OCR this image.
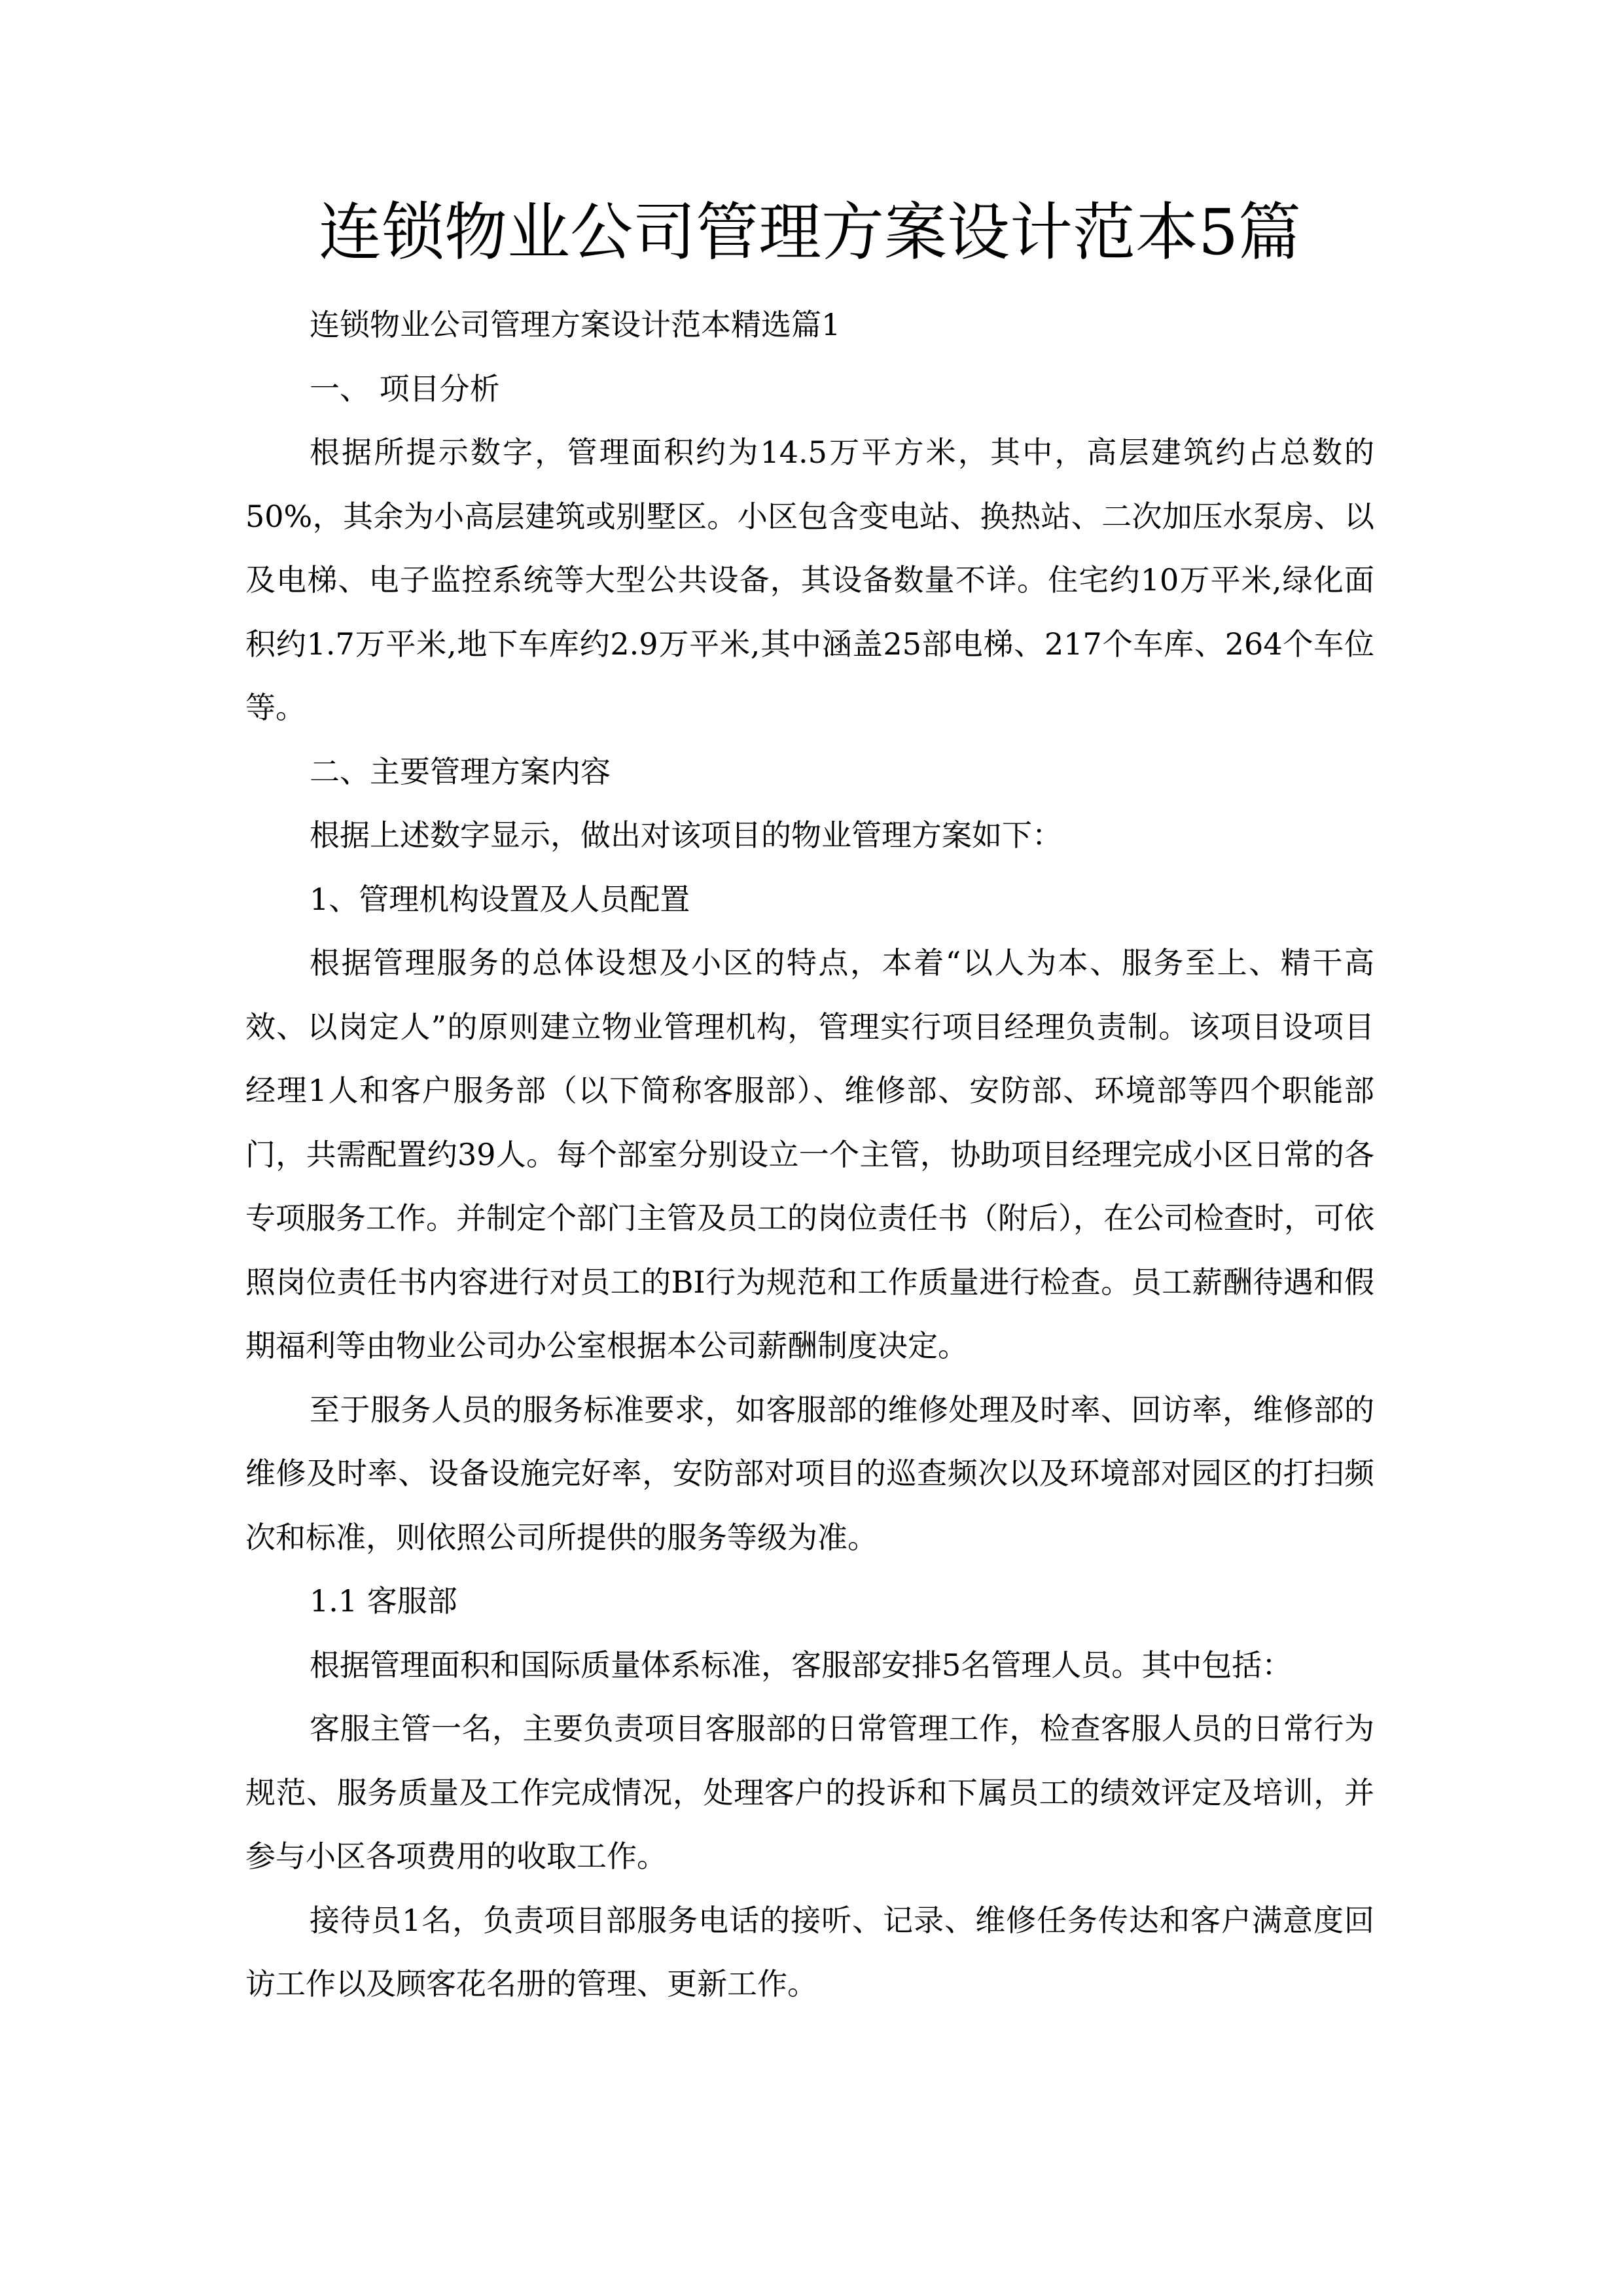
连锁物业公司管理方案设计范本5篇

连锁物业公司管理方案设计范本精选篇1

一、 项目分析

根据所提示数字，管理面积约为14.5万平方米，其中，高层建筑约占总数的50%，其余为小高层建筑或别墅区。小区包含变电站、换热站、二次加压水泵房、以及电梯、电子监控系统等大型公共设备，其设备数量不详。住宅约10万平米,绿化面积约1.7万平米,地下车库约2.9万平米,其中涵盖25部电梯、217个车库、264个车位等。

二、主要管理方案内容

根据上述数字显示，做出对该项目的物业管理方案如下：

1、管理机构设置及人员配置

根据管理服务的总体设想及小区的特点，本着“以人为本、服务至上、精干高效、以岗定人”的原则建立物业管理机构，管理实行项目经理负责制。该项目设项目经理1人和客户服务部（以下简称客服部）、维修部、安防部、环境部等四个职能部门，共需配置约39人。每个部室分别设立一个主管，协助项目经理完成小区日常的各专项服务工作。并制定个部门主管及员工的岗位责任书（附后），在公司检查时，可依照岗位责任书内容进行对员工的BI行为规范和工作质量进行检查。员工薪酬待遇和假期福利等由物业公司办公室根据本公司薪酬制度决定。

至于服务人员的服务标准要求，如客服部的维修处理及时率、回访率，维修部的维修及时率、设备设施完好率，安防部对项目的巡查频次以及环境部对园区的打扫频次和标准，则依照公司所提供的服务等级为准。

1.1 客服部

根据管理面积和国际质量体系标准，客服部安排5名管理人员。其中包括：

客服主管一名，主要负责项目客服部的日常管理工作，检查客服人员的日常行为规范、服务质量及工作完成情况，处理客户的投诉和下属员工的绩效评定及培训，并参与小区各项费用的收取工作。

接待员1名，负责项目部服务电话的接听、记录、维修任务传达和客户满意度回访工作以及顾客花名册的管理、更新工作。
